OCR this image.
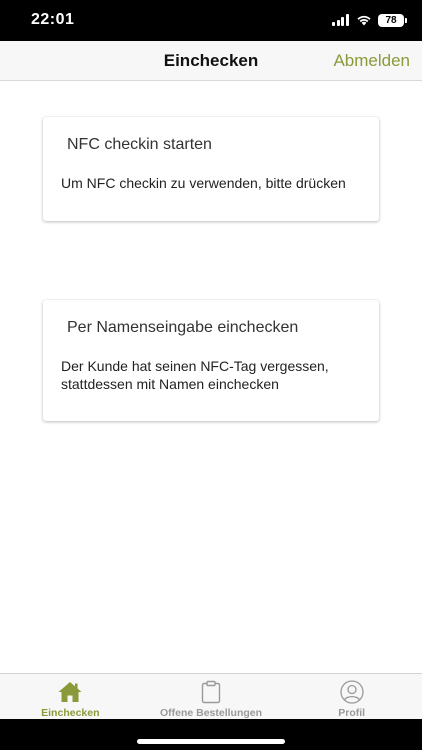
22:01	78
Einchecken	Abmelden
NFC checkin starten
Um NFC checkin zu verwenden, bitte drücken
Per Namenseingabe einchecken
Der Kunde hat seinen NFC-Tag vergessen, stattdessen mit Namen einchecken
Einchecken	Offene Bestellungen	Profil
